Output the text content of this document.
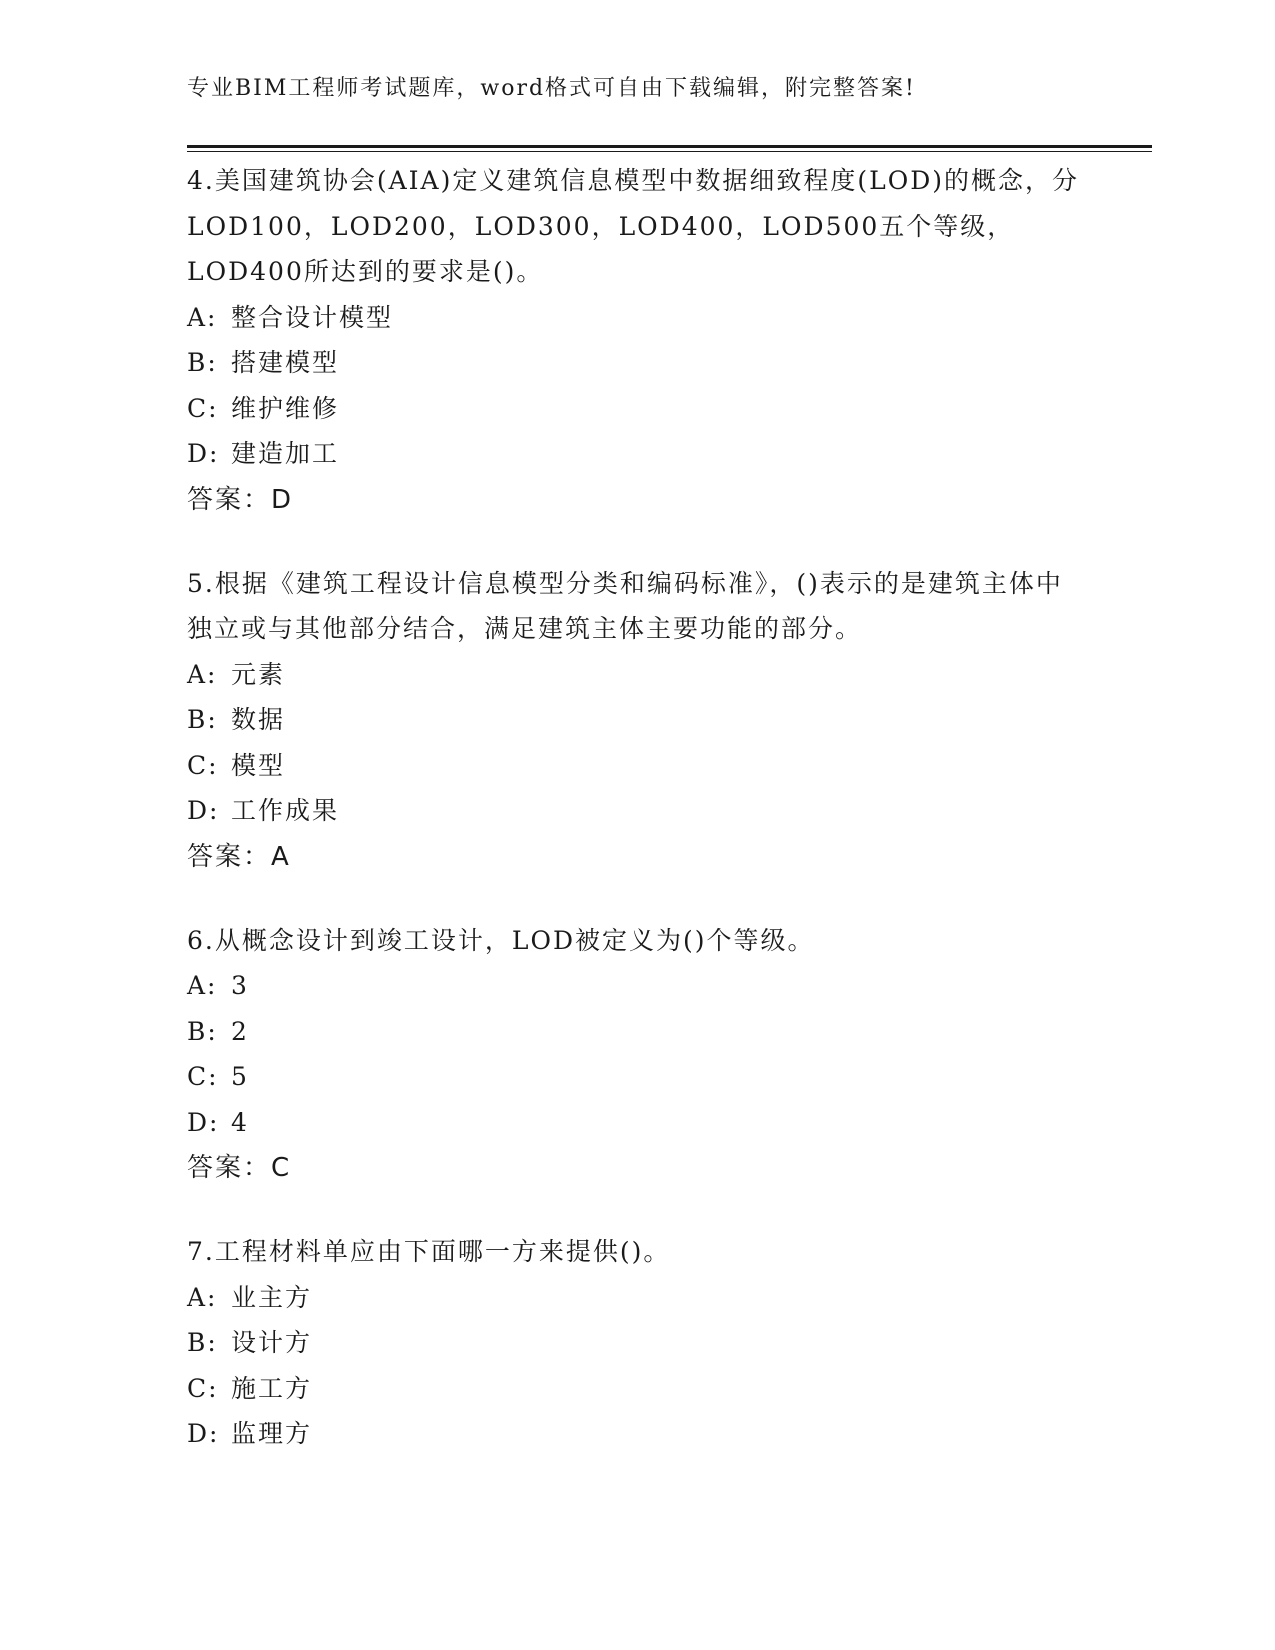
专业BIM工程师考试题库，word格式可自由下载编辑，附完整答案!
4.美国建筑协会(AIA)定义建筑信息模型中数据细致程度(LOD)的概念，分LOD100，LOD200，LOD300，LOD400，LOD500五个等级，LOD400所达到的要求是()。
A: 整合设计模型
B: 搭建模型
C: 维护维修
D: 建造加工
答案：D
5.根据《建筑工程设计信息模型分类和编码标准》，()表示的是建筑主体中独立或与其他部分结合，满足建筑主体主要功能的部分。
A: 元素
B: 数据
C: 模型
D: 工作成果
答案：A
6.从概念设计到竣工设计，LOD被定义为()个等级。
A: 3
B: 2
C: 5
D: 4
答案：C
7.工程材料单应由下面哪一方来提供()。
A: 业主方
B: 设计方
C: 施工方
D: 监理方
